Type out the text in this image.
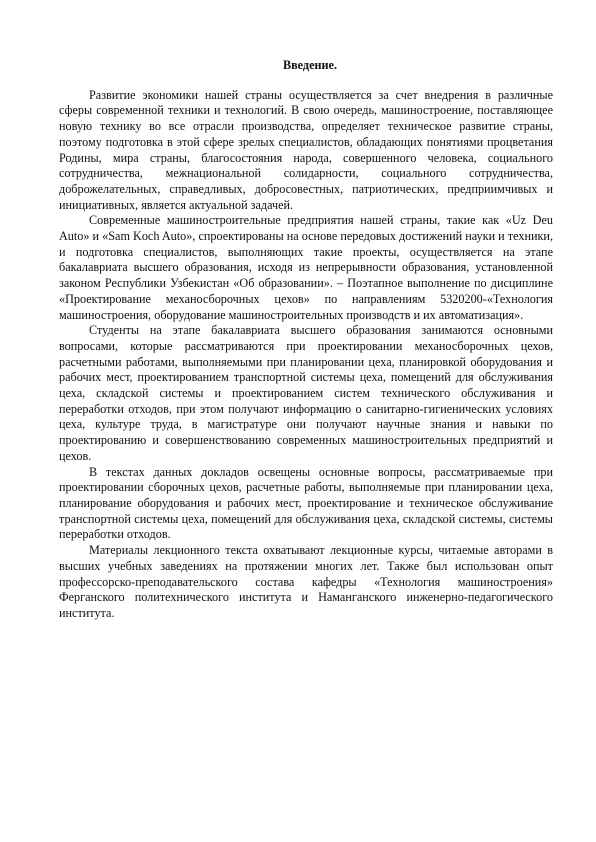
Введение.

Развитие экономики нашей страны осуществляется за счет внедрения в различные сферы современной техники и технологий. В свою очередь, машиностроение, поставляющее новую технику во все отрасли производства, определяет техническое развитие страны, поэтому подготовка в этой сфере зрелых специалистов, обладающих понятиями процветания Родины, мира страны, благосостояния народа, совершенного человека, социального сотрудничества, межнациональной солидарности, социального сотрудничества, доброжелательных, справедливых, добросовестных, патриотических, предприимчивых и инициативных, является актуальной задачей.

Современные машиностроительные предприятия нашей страны, такие как «Uz Deu Auto» и «Sam Koch Auto», спроектированы на основе передовых достижений науки и техники, и подготовка специалистов, выполняющих такие проекты, осуществляется на этапе бакалавриата высшего образования, исходя из непрерывности образования, установленной законом Республики Узбекистан «Об образовании». – Поэтапное выполнение по дисциплине «Проектирование механосборочных цехов» по направлениям 5320200-«Технология машиностроения, оборудование машиностроительных производств и их автоматизация».

Студенты на этапе бакалавриата высшего образования занимаются основными вопросами, которые рассматриваются при проектировании механосборочных цехов, расчетными работами, выполняемыми при планировании цеха, планировкой оборудования и рабочих мест, проектированием транспортной системы цеха, помещений для обслуживания цеха, складской системы и проектированием систем технического обслуживания и переработки отходов, при этом получают информацию о санитарно-гигиенических условиях цеха, культуре труда, в магистратуре они получают научные знания и навыки по проектированию и совершенствованию современных машиностроительных предприятий и цехов.

В текстах данных докладов освещены основные вопросы, рассматриваемые при проектировании сборочных цехов, расчетные работы, выполняемые при планировании цеха, планирование оборудования и рабочих мест, проектирование и техническое обслуживание транспортной системы цеха, помещений для обслуживания цеха, складской системы, системы переработки отходов.

Материалы лекционного текста охватывают лекционные курсы, читаемые авторами в высших учебных заведениях на протяжении многих лет. Также был использован опыт профессорско-преподавательского состава кафедры «Технология машиностроения» Ферганского политехнического института и Наманганского инженерно-педагогического института.
